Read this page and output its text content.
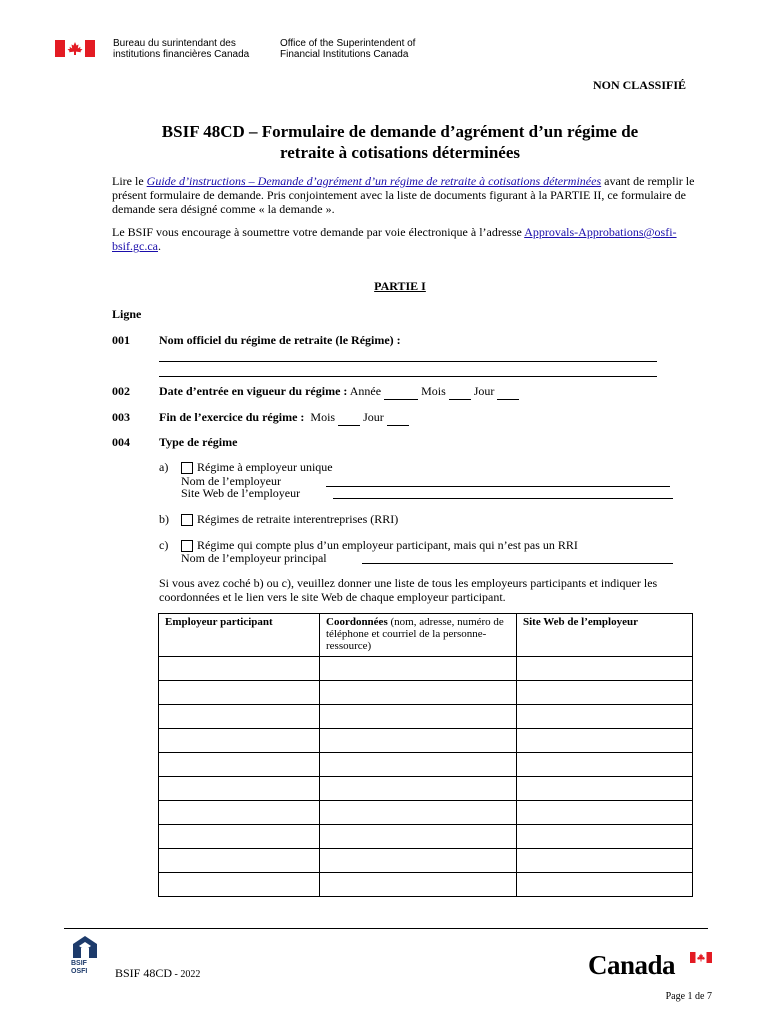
Bureau du surintendant des
institutions financières Canada
Office of the Superintendent of
Financial Institutions Canada
NON CLASSIFIÉ
BSIF 48CD – Formulaire de demande d’agrément d’un régime de
retraite à cotisations déterminées
Lire le Guide d’instructions – Demande d’agrément d’un régime de retraite à cotisations déterminées avant de remplir le présent formulaire de demande. Pris conjointement avec la liste de documents figurant à la PARTIE II, ce formulaire de demande sera désigné comme « la demande ».
Le BSIF vous encourage à soumettre votre demande par voie électronique à l’adresse Approvals-Approbations@osfi-bsif.gc.ca.
PARTIE I
Ligne
001 Nom officiel du régime de retraite (le Régime) :
002 Date d’entrée en vigueur du régime : Année	Mois Jour
003 Fin de l’exercice du régime : Mois Jour
004 Type de régime
a)	Régime à employeur unique
Nom de l’employeur
Site Web de l’employeur
b)	Régimes de retraite interentreprises (RRI)
c)	Régime qui compte plus d’un employeur participant, mais qui n’est pas un RRI
Nom de l’employeur principal
Si vous avez coché b) ou c), veuillez donner une liste de tous les employeurs participants et indiquer les coordonnées et le lien vers le site Web de chaque employeur participant.
Employeur participant	Coordonnées (nom, adresse, numéro de téléphone et courriel de la personne-ressource)	Site Web de l’employeur

BSIF
OSFI BSIF 48CD - 2022	Canada
Page 1 de 7
